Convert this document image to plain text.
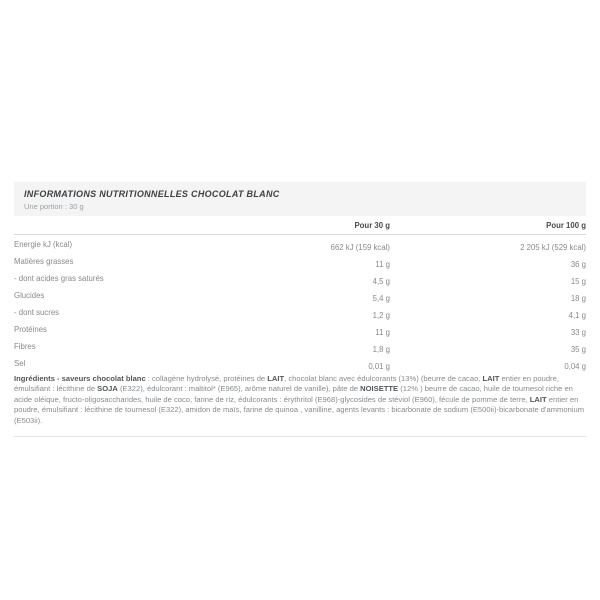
INFORMATIONS NUTRITIONNELLES CHOCOLAT BLANC
Une portion : 30 g
	Pour 30 g	Pour 100 g
Energie kJ (kcal)	662 kJ (159 kcal)	2 205 kJ (529 kcal)
Matières grasses	11 g	36 g
- dont acides gras saturés	4,5 g	15 g
Glucides	5,4 g	18 g
- dont sucres	1,2 g	4,1 g
Protéines	11 g	33 g
Fibres	1,8 g	35 g
Sel	0,01 g	0,04 g

Ingrédients - saveurs chocolat blanc : collagène hydrolysé, protéines de LAIT, chocolat blanc avec édulcorants (13%) (beurre de cacao, LAIT entier en poudre, émulsifiant : lécithine de SOJA (E322), édulcorant : maltitol* (E965), arôme naturel de vanille), pâte de NOISETTE (12% ) beurre de cacao, huile de tournesol riche en acide oléique, fructo-oligosaccharides, huile de coco, farine de riz, édulcorants : érythritol (E968)-glycosides de stéviol (E960), fécule de pomme de terre, LAIT entier en poudre, émulsifiant : lécithine de tournesol (E322), amidon de maïs, farine de quinoa , vanilline, agents levants : bicarbonate de sodium (E500ii)-bicarbonate d'ammonium (E503ii).
